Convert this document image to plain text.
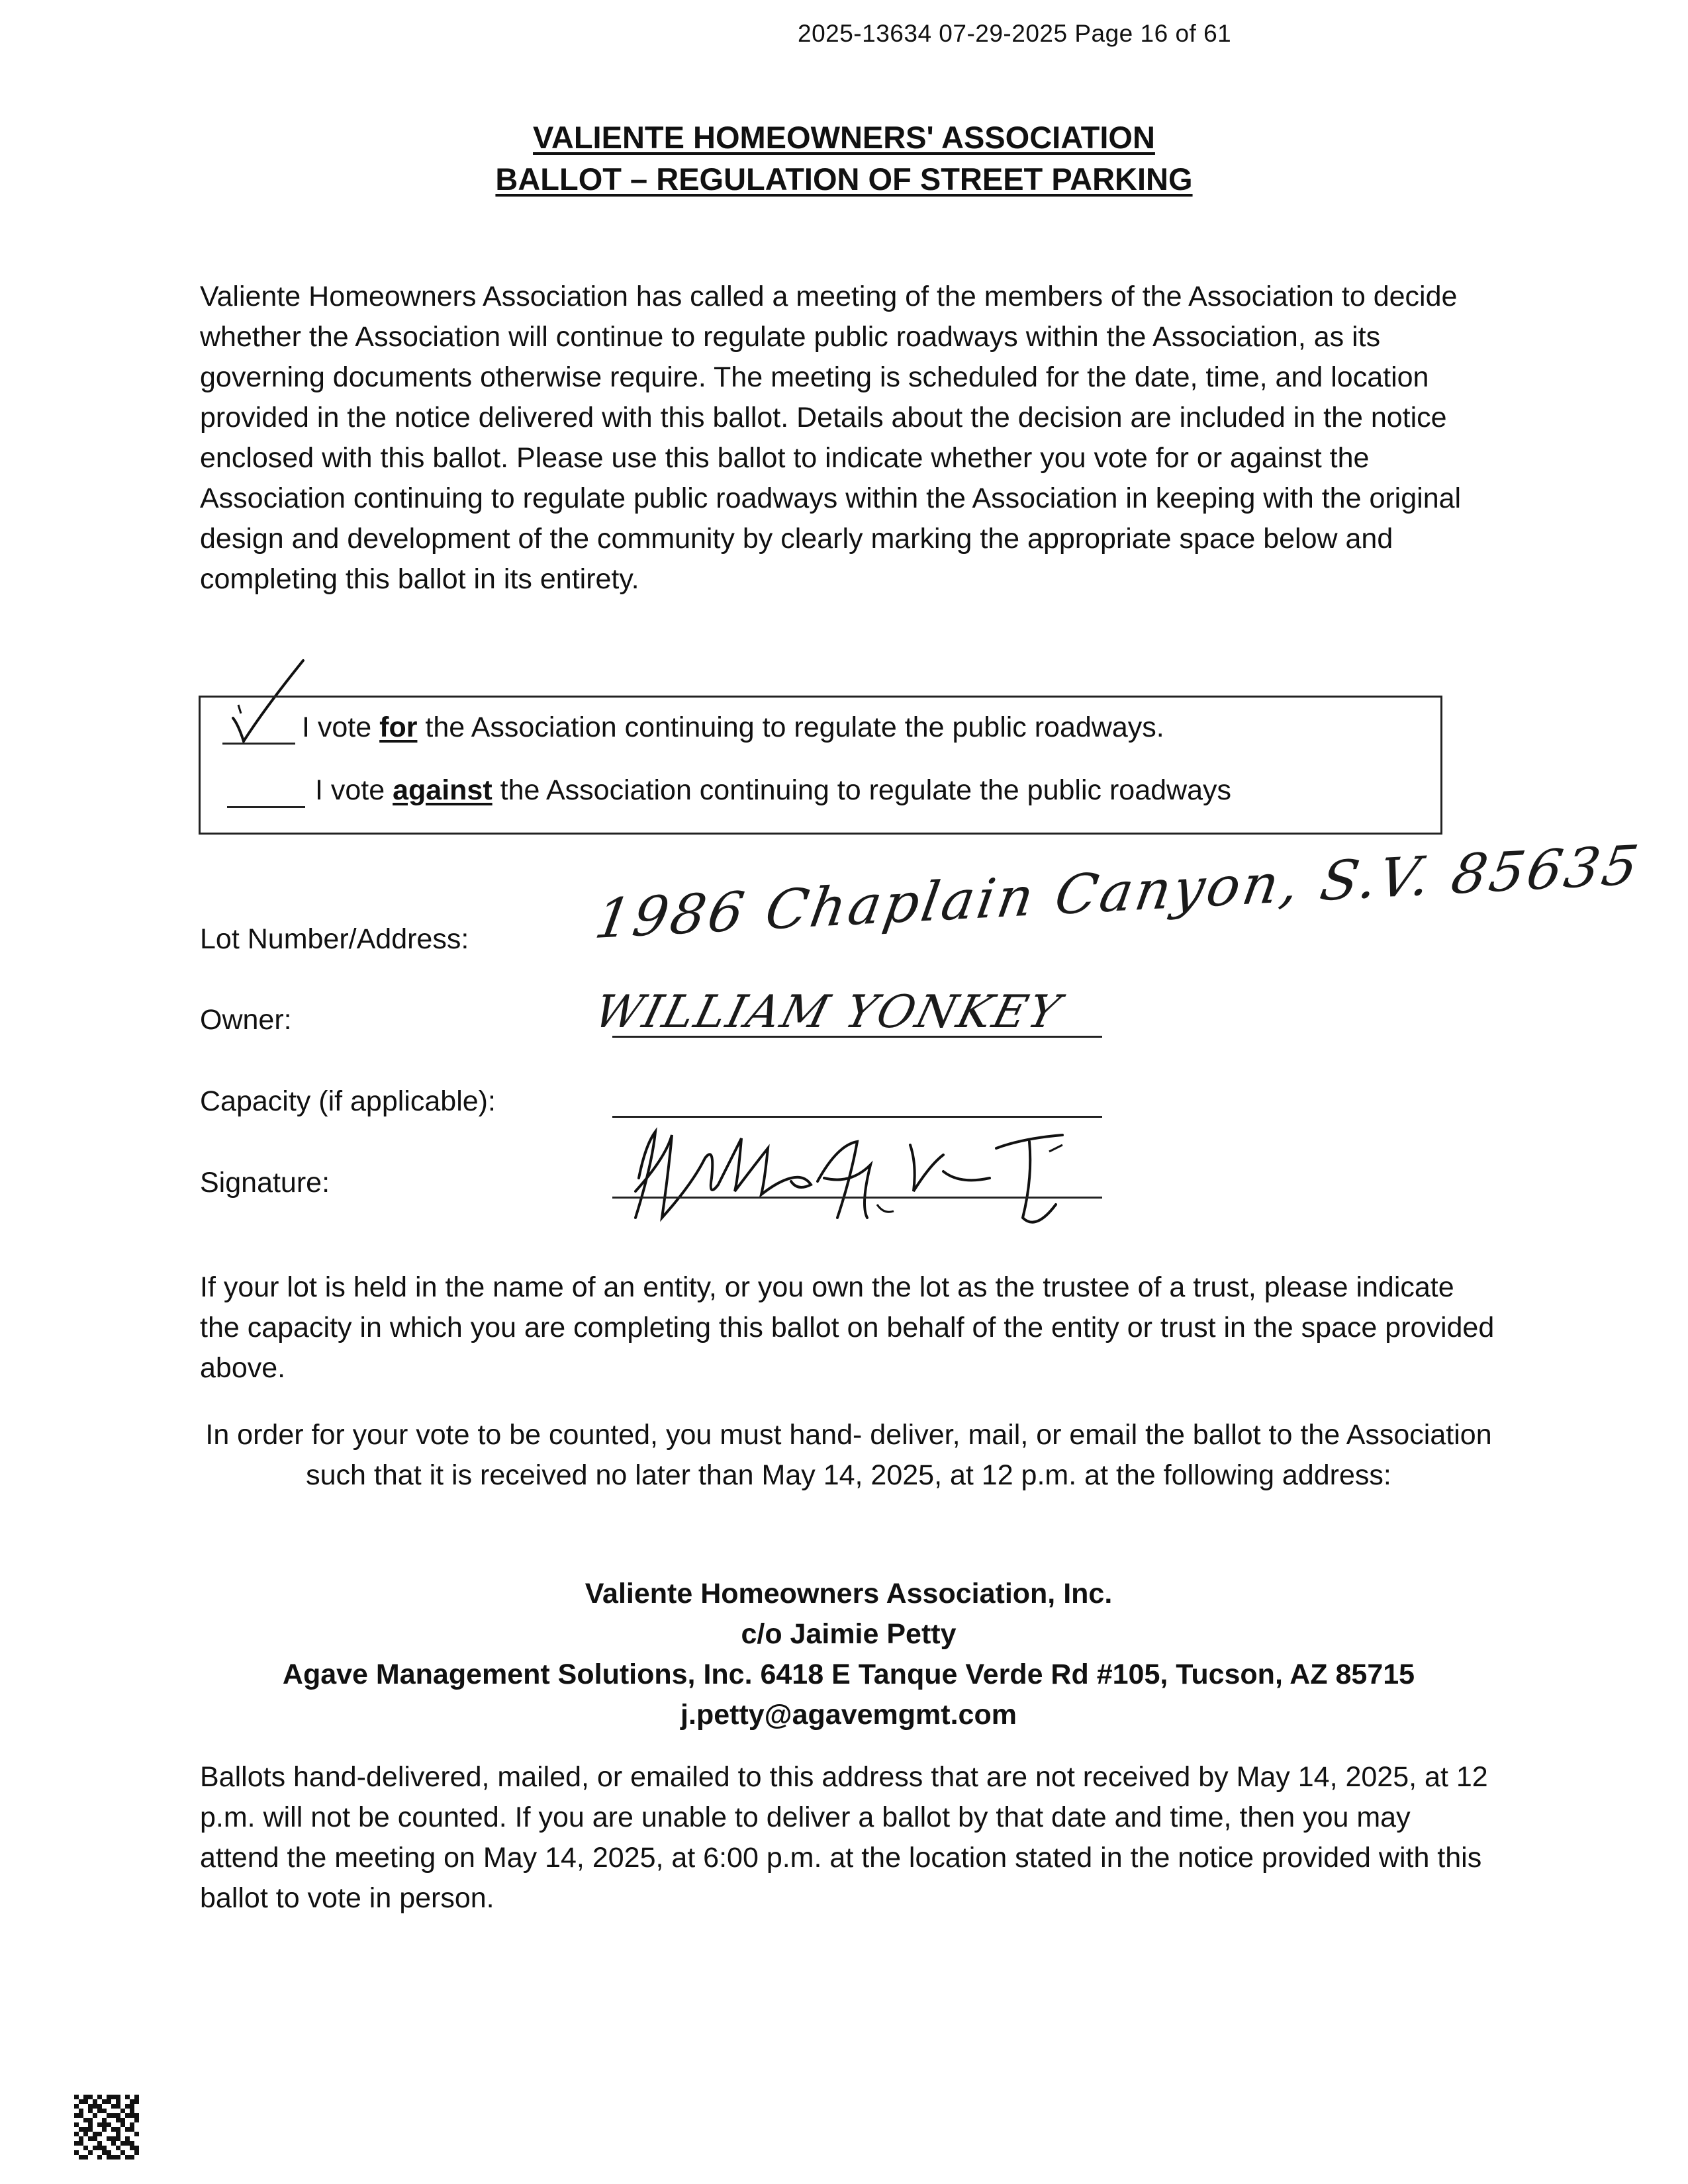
2025-13634 07-29-2025 Page 16 of 61
VALIENTE HOMEOWNERS' ASSOCIATION
BALLOT – REGULATION OF STREET PARKING
Valiente Homeowners Association has called a meeting of the members of the Association to decide whether the Association will continue to regulate public roadways within the Association, as its governing documents otherwise require. The meeting is scheduled for the date, time, and location provided in the notice delivered with this ballot. Details about the decision are included in the notice enclosed with this ballot. Please use this ballot to indicate whether you vote for or against the Association continuing to regulate public roadways within the Association in keeping with the original design and development of the community by clearly marking the appropriate space below and completing this ballot in its entirety.
I vote for the Association continuing to regulate the public roadways.
I vote against the Association continuing to regulate the public roadways
Lot Number/Address: 1986 Chaplain Canyon, S.V. 85635
Owner:	WILLIAM YONKEY
Capacity (if applicable):
Signature:
If your lot is held in the name of an entity, or you own the lot as the trustee of a trust, please indicate the capacity in which you are completing this ballot on behalf of the entity or trust in the space provided above.
In order for your vote to be counted, you must hand- deliver, mail, or email the ballot to the Association such that it is received no later than May 14, 2025, at 12 p.m. at the following address:
Valiente Homeowners Association, Inc.
c/o Jaimie Petty
Agave Management Solutions, Inc. 6418 E Tanque Verde Rd #105, Tucson, AZ 85715
j.petty@agavemgmt.com
Ballots hand-delivered, mailed, or emailed to this address that are not received by May 14, 2025, at 12 p.m. will not be counted. If you are unable to deliver a ballot by that date and time, then you may attend the meeting on May 14, 2025, at 6:00 p.m. at the location stated in the notice provided with this ballot to vote in person.
